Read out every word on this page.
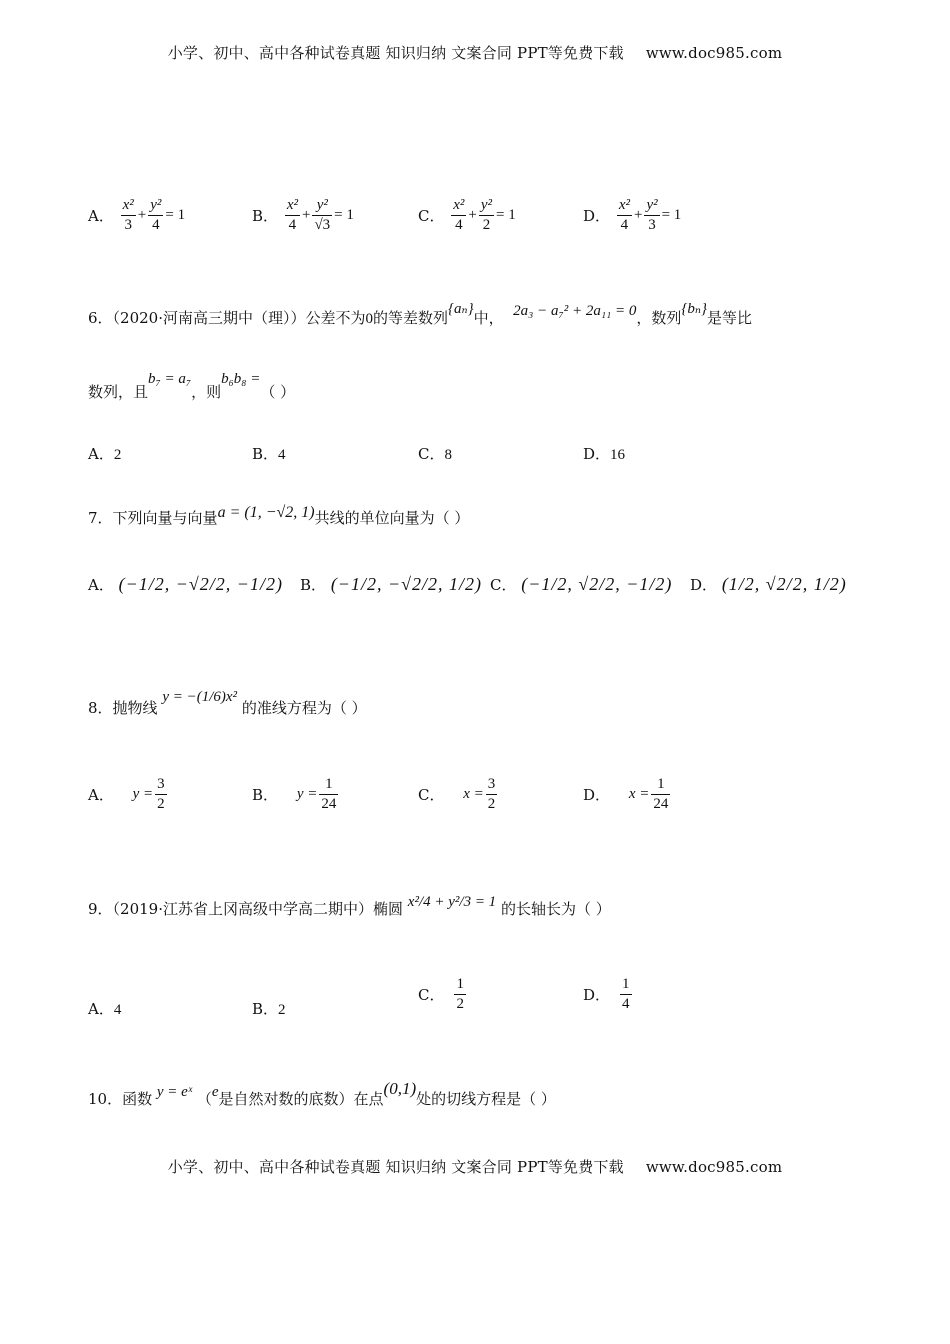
小学、初中、高中各种试卷真题 知识归纳 文案合同 PPT等免费下载 www.doc985.com
A． $\frac{\text{x²}}{3} + \frac{\text{y²}}{4} = 1$	B． $\frac{\text{x²}}{4} + \frac{\text{y²}}{√3} = 1$	C． $\frac{\text{x²}}{4} + \frac{\text{y²}}{2} = 1$	D． $\frac{\text{x²}}{4} + \frac{\text{y²}}{3} = 1$
6．（2020·河南高三期中（理））公差不为0的等差数列{aₙ}中， 2a₃ − a₇² + 2a₁₁ = 0，数列{bₙ}是等比
数列，且b₇ = a₇，则b₆b₈ =（ ）
A．2	B．4	C．8	D．16
7．下列向量与向量a = (1, −√2, 1)共线的单位向量为（ ）
A． (−1/2, −√2/2, −1/2) B． (−1/2, −√2/2, 1/2) C． (−1/2, √2/2, −1/2) D． (1/2, √2/2, 1/2)
8．抛物线 y = −(1/6)x² 的准线方程为（ ）
A． $y = \frac{3}{2}$	B． $y = \frac{1}{24}$	C． $x = \frac{3}{2}$	D． $x = \frac{1}{24}$
9．（2019·江苏省上冈高级中学高二期中）椭圆 x²/4 + y²/3 = 1 的长轴长为（ ）
A．4	B．2
C． $\frac{1}{2}$	D． $\frac{1}{4}$
10．函数 y = eˣ （e是自然对数的底数）在点(0,1)处的切线方程是（ ）
小学、初中、高中各种试卷真题 知识归纳 文案合同 PPT等免费下载 www.doc985.com
